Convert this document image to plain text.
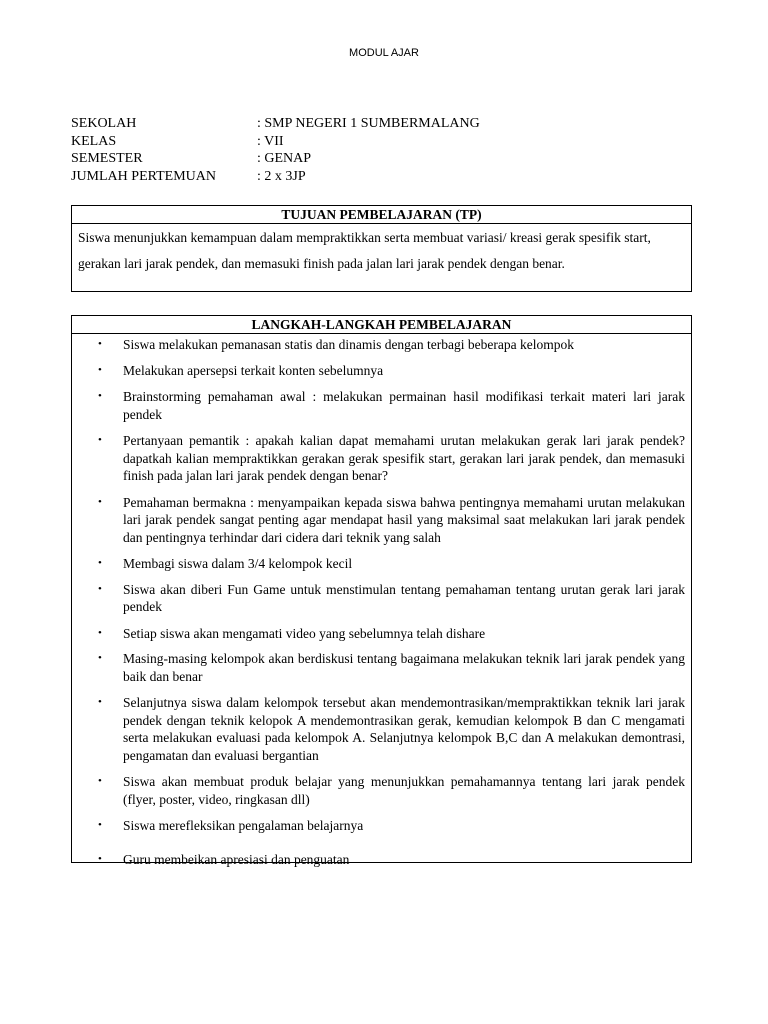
MODUL AJAR
SEKOLAH	: SMP NEGERI 1 SUMBERMALANG
KELAS	: VII
SEMESTER	: GENAP
JUMLAH PERTEMUAN	: 2 x 3JP
TUJUAN PEMBELAJARAN (TP)
Siswa menunjukkan kemampuan dalam mempraktikkan serta membuat variasi/ kreasi gerak spesifik start, gerakan lari jarak pendek, dan memasuki finish pada jalan lari jarak pendek dengan benar.
LANGKAH-LANGKAH PEMBELAJARAN
• Siswa melakukan pemanasan statis dan dinamis dengan terbagi beberapa kelompok
• Melakukan apersepsi terkait konten sebelumnya
• Brainstorming pemahaman awal : melakukan permainan hasil modifikasi terkait materi lari jarak pendek
• Pertanyaan pemantik : apakah kalian dapat memahami urutan melakukan gerak lari jarak pendek? dapatkah kalian mempraktikkan gerakan gerak spesifik start, gerakan lari jarak pendek, dan memasuki finish pada jalan lari jarak pendek dengan benar?
• Pemahaman bermakna : menyampaikan kepada siswa bahwa pentingnya memahami urutan melakukan lari jarak pendek sangat penting agar mendapat hasil yang maksimal saat melakukan lari jarak pendek dan pentingnya terhindar dari cidera dari teknik yang salah
• Membagi siswa dalam 3/4 kelompok kecil
• Siswa akan diberi Fun Game untuk menstimulan tentang pemahaman tentang urutan gerak lari jarak pendek
• Setiap siswa akan mengamati video yang sebelumnya telah dishare
• Masing-masing kelompok akan berdiskusi tentang bagaimana melakukan teknik lari jarak pendek yang baik dan benar
• Selanjutnya siswa dalam kelompok tersebut akan mendemontrasikan/mempraktikkan teknik lari jarak pendek dengan teknik kelopok A mendemontrasikan gerak, kemudian kelompok B dan C mengamati serta melakukan evaluasi pada kelompok A. Selanjutnya kelompok B,C dan A melakukan demontrasi, pengamatan dan evaluasi bergantian
• Siswa akan membuat produk belajar yang menunjukkan pemahamannya tentang lari jarak pendek (flyer, poster, video, ringkasan dll)
• Siswa merefleksikan pengalaman belajarnya
• Guru membeikan apresiasi dan penguatan
